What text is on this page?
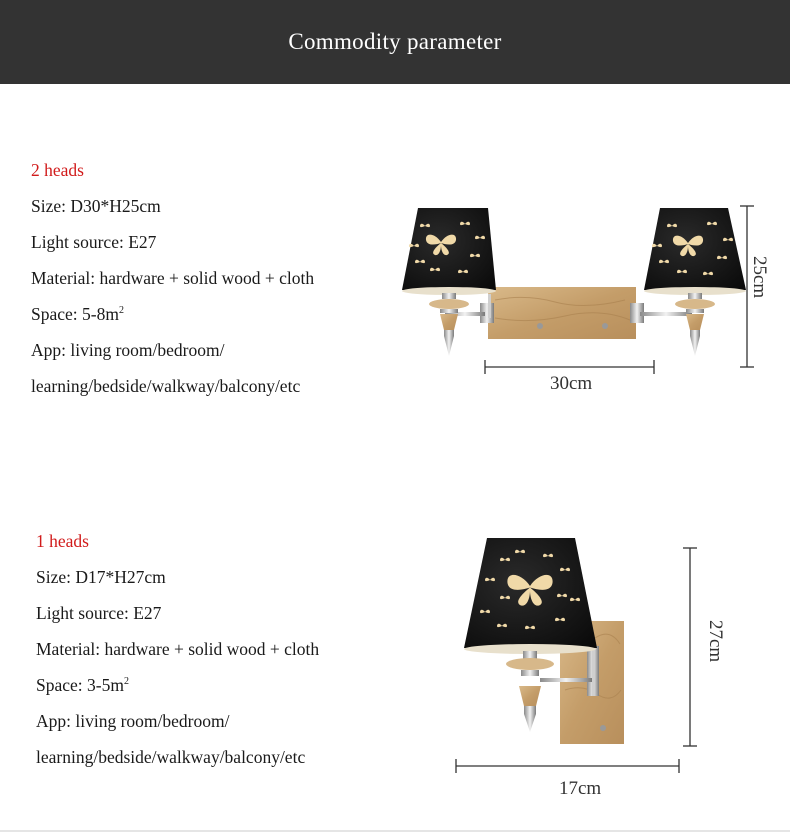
Commodity parameter
2 heads
Size: D30*H25cm
Light source: E27
Material: hardware + solid wood + cloth
Space: $5-8m^2$
App: living room/bedroom/
learning/bedside/walkway/balcony/etc
1 heads
Size: D17*H27cm
Light source: E27
Material: hardware + solid wood + cloth
Space: $3-5m^2$
App: living room/bedroom/
learning/bedside/walkway/balcony/etc
30cm
25cm
17cm
27cm
